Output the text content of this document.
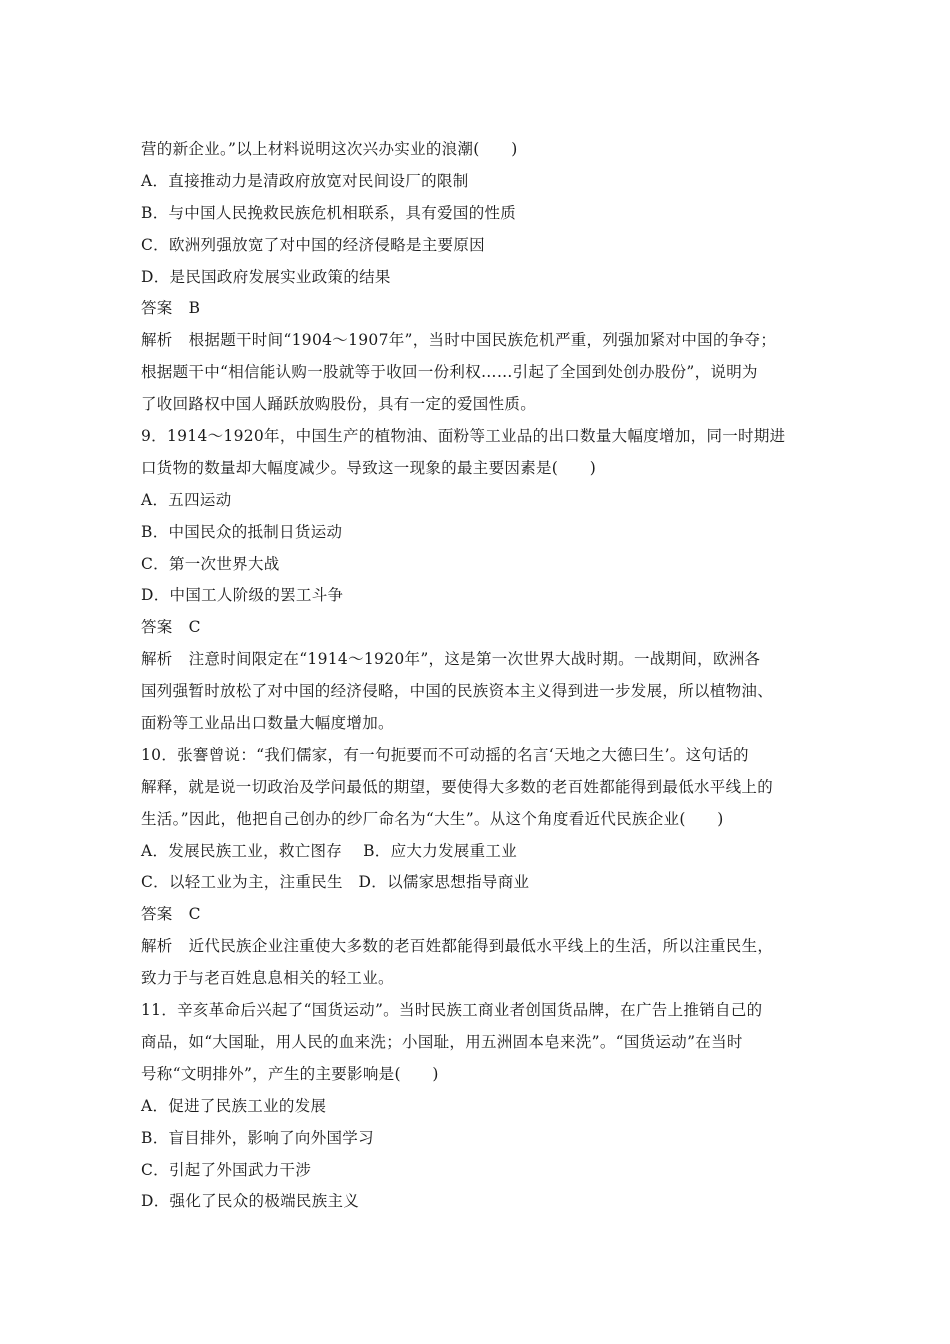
营的新企业。”以上材料说明这次兴办实业的浪潮(　　)
A．直接推动力是清政府放宽对民间设厂的限制
B．与中国人民挽救民族危机相联系，具有爱国的性质
C．欧洲列强放宽了对中国的经济侵略是主要原因
D．是民国政府发展实业政策的结果
答案 B
解析 根据题干时间“1904～1907年”，当时中国民族危机严重，列强加紧对中国的争夺；
根据题干中“相信能认购一股就等于收回一份利权……引起了全国到处创办股份”，说明为
了收回路权中国人踊跃放购股份，具有一定的爱国性质。
9．1914～1920年，中国生产的植物油、面粉等工业品的出口数量大幅度增加，同一时期进
口货物的数量却大幅度减少。导致这一现象的最主要因素是(　　)
A．五四运动
B．中国民众的抵制日货运动
C．第一次世界大战
D．中国工人阶级的罢工斗争
答案 C
解析 注意时间限定在“1914～1920年”，这是第一次世界大战时期。一战期间，欧洲各
国列强暂时放松了对中国的经济侵略，中国的民族资本主义得到进一步发展，所以植物油、
面粉等工业品出口数量大幅度增加。
10．张謇曾说：“我们儒家，有一句扼要而不可动摇的名言‘天地之大德曰生’。这句话的
解释，就是说一切政治及学问最低的期望，要使得大多数的老百姓都能得到最低水平线上的
生活。”因此，他把自己创办的纱厂命名为“大生”。从这个角度看近代民族企业(　　)
A．发展民族工业，救亡图存　 B．应大力发展重工业
C．以轻工业为主，注重民生　D．以儒家思想指导商业
答案 C
解析 近代民族企业注重使大多数的老百姓都能得到最低水平线上的生活，所以注重民生，
致力于与老百姓息息相关的轻工业。
11．辛亥革命后兴起了“国货运动”。当时民族工商业者创国货品牌，在广告上推销自己的
商品，如“大国耻，用人民的血来洗；小国耻，用五洲固本皂来洗”。“国货运动”在当时
号称“文明排外”，产生的主要影响是(　　)
A．促进了民族工业的发展
B．盲目排外，影响了向外国学习
C．引起了外国武力干涉
D．强化了民众的极端民族主义
